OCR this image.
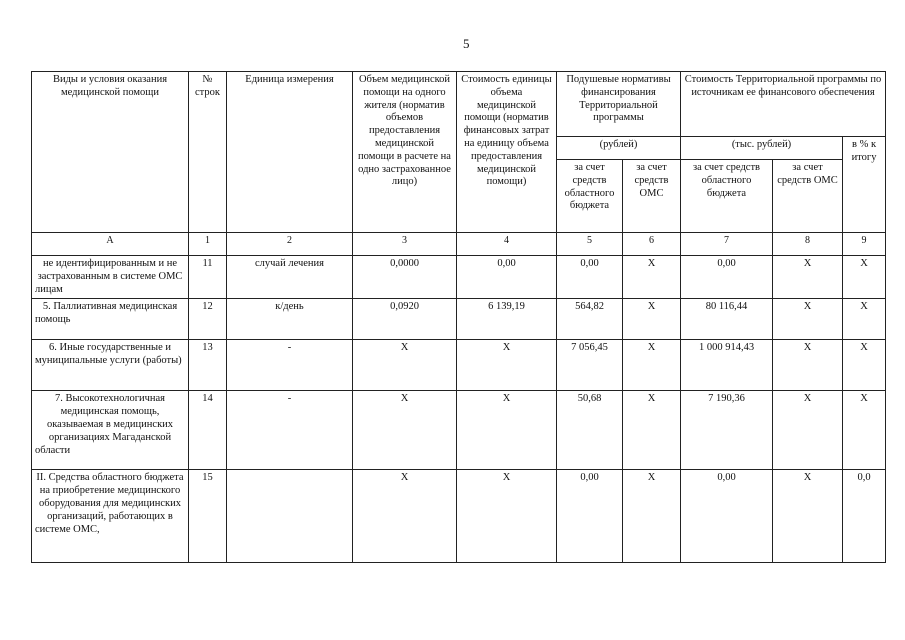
5
Виды и условия оказания медицинской помощи	№ строк	Единица измерения	Объем медицинской помощи на одного жителя (норматив объемов предоставления медицинской помощи в расчете на одно застрахованное лицо)	Стоимость единицы объема медицинской помощи (норматив финансовых затрат на единицу объема предоставления медицинской помощи)	Подушевые нормативы финансирования Территориальной программы		Стоимость Территориальной программы по источникам ее финансового обеспечения		
					(рублей)		(тыс. рублей)		в % к итогу
					за счет средств областного бюджета	за счет средств ОМС	за счет средств областного бюджета	за счет средств ОМС	
А	1	2	3	4	5	6	7	8	9
не идентифицированным и не застрахованным в системе ОМС лицам	11	случай лечения	0,0000	0,00	0,00	Х	0,00	Х	Х
5. Паллиативная медицинская помощь	12	к/день	0,0920	6 139,19	564,82	Х	80 116,44	Х	Х
6. Иные государственные и муниципальные услуги (работы)	13	-	Х	Х	7 056,45	Х	1 000 914,43	Х	Х
7. Высокотехнологичная медицинская помощь, оказываемая в медицинских организациях Магаданской области	14	-	Х	Х	50,68	Х	7 190,36	Х	Х
II. Средства областного бюджета на приобретение медицинского оборудования для медицинских организаций, работающих в системе ОМС,	15		Х	Х	0,00	Х	0,00	Х	0,0
